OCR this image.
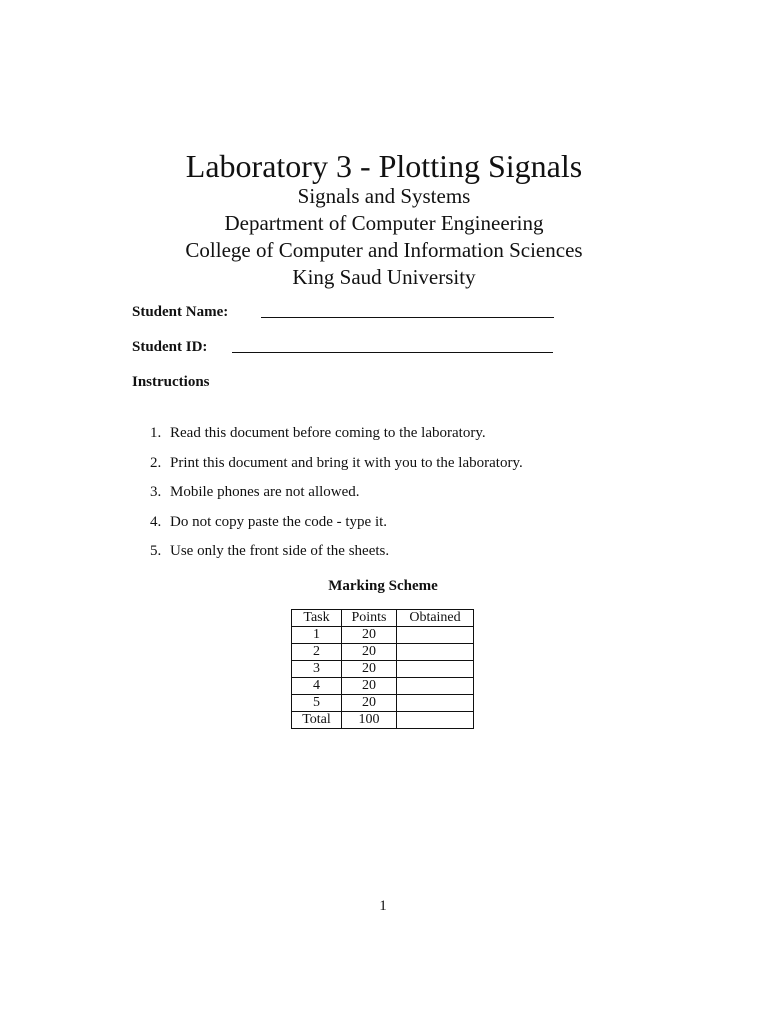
Laboratory 3 - Plotting Signals

Signals and Systems

Department of Computer Engineering

College of Computer and Information Sciences

King Saud University

Student Name:
Student ID:
Instructions
1. Read this document before coming to the laboratory.
2. Print this document and bring it with you to the laboratory.
3. Mobile phones are not allowed.
4. Do not copy paste the code - type it.
5. Use only the front side of the sheets.
Marking Scheme
Task	Points	Obtained
1	20	
2	20	
3	20	
4	20	
5	20	
Total	100	
1
